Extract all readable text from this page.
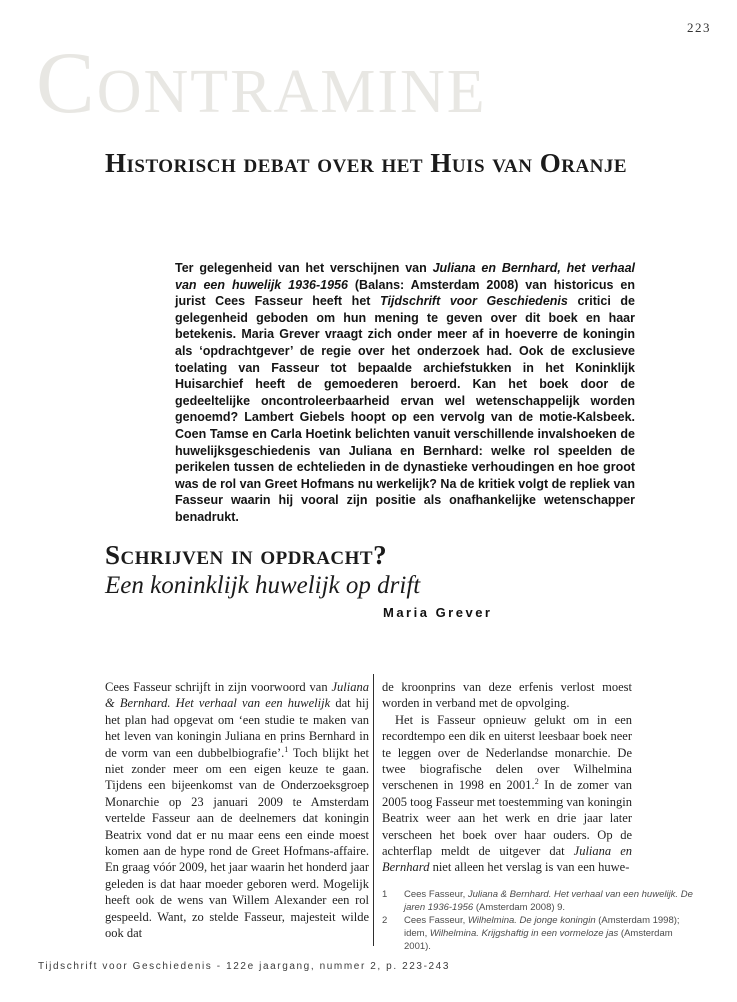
223
Contramine
Historisch debat over het Huis van Oranje

Ter gelegenheid van het verschijnen van Juliana en Bernhard, het verhaal van een huwelijk 1936-1956 (Balans: Amsterdam 2008) van historicus en jurist Cees Fasseur heeft het Tijdschrift voor Geschiedenis critici de gelegenheid geboden om hun mening te geven over dit boek en haar betekenis. Maria Grever vraagt zich onder meer af in hoeverre de koningin als ‘opdrachtgever’ de regie over het onderzoek had. Ook de exclusieve toelating van Fasseur tot bepaalde archiefstukken in het Koninklijk Huisarchief heeft de gemoederen beroerd. Kan het boek door de gedeeltelijke oncontroleerbaarheid ervan wel wetenschappelijk worden genoemd? Lambert Giebels hoopt op een vervolg van de motie-Kalsbeek. Coen Tamse en Carla Hoetink belichten vanuit verschillende invalshoeken de huwelijksgeschiedenis van Juliana en Bernhard: welke rol speelden de perikelen tussen de echtelieden in de dynastieke verhoudingen en hoe groot was de rol van Greet Hofmans nu werkelijk? Na de kritiek volgt de repliek van Fasseur waarin hij vooral zijn positie als onafhankelijke wetenschapper benadrukt.

Schrijven in opdracht?
Een koninklijk huwelijk op drift
Maria Grever

Cees Fasseur schrijft in zijn voorwoord van Juliana & Bernhard. Het verhaal van een huwelijk dat hij het plan had opgevat om ‘een studie te maken van het leven van koningin Juliana en prins Bernhard in de vorm van een dubbelbiografie’.$^1$ Toch blijkt het niet zonder meer om een eigen keuze te gaan. Tijdens een bijeenkomst van de Onderzoeksgroep Monarchie op 23 januari 2009 te Amsterdam vertelde Fasseur aan de deelnemers dat koningin Beatrix vond dat er nu maar eens een einde moest komen aan de hype rond de Greet Hofmans-affaire. En graag vóór 2009, het jaar waarin het honderd jaar geleden is dat haar moeder geboren werd. Mogelijk heeft ook de wens van Willem Alexander een rol gespeeld. Want, zo stelde Fasseur, majesteit wilde ook dat

de kroonprins van deze erfenis verlost moest worden in verband met de opvolging.

Het is Fasseur opnieuw gelukt om in een recordtempo een dik en uiterst leesbaar boek neer te leggen over de Nederlandse monarchie. De twee biografische delen over Wilhelmina verschenen in 1998 en 2001.$^2$ In de zomer van 2005 toog Fasseur met toestemming van koningin Beatrix weer aan het werk en drie jaar later verscheen het boek over haar ouders. Op de achterflap meldt de uitgever dat Juliana en Bernhard niet alleen het verslag is van een huwe-

1	Cees Fasseur, Juliana & Bernhard. Het verhaal van een huwelijk. De jaren 1936-1956 (Amsterdam 2008) 9.
2	Cees Fasseur, Wilhelmina. De jonge koningin (Amsterdam 1998); idem, Wilhelmina. Krijgshaftig in een vormeloze jas (Amsterdam 2001).
Tijdschrift voor Geschiedenis - 122e jaargang, nummer 2, p. 223-243
